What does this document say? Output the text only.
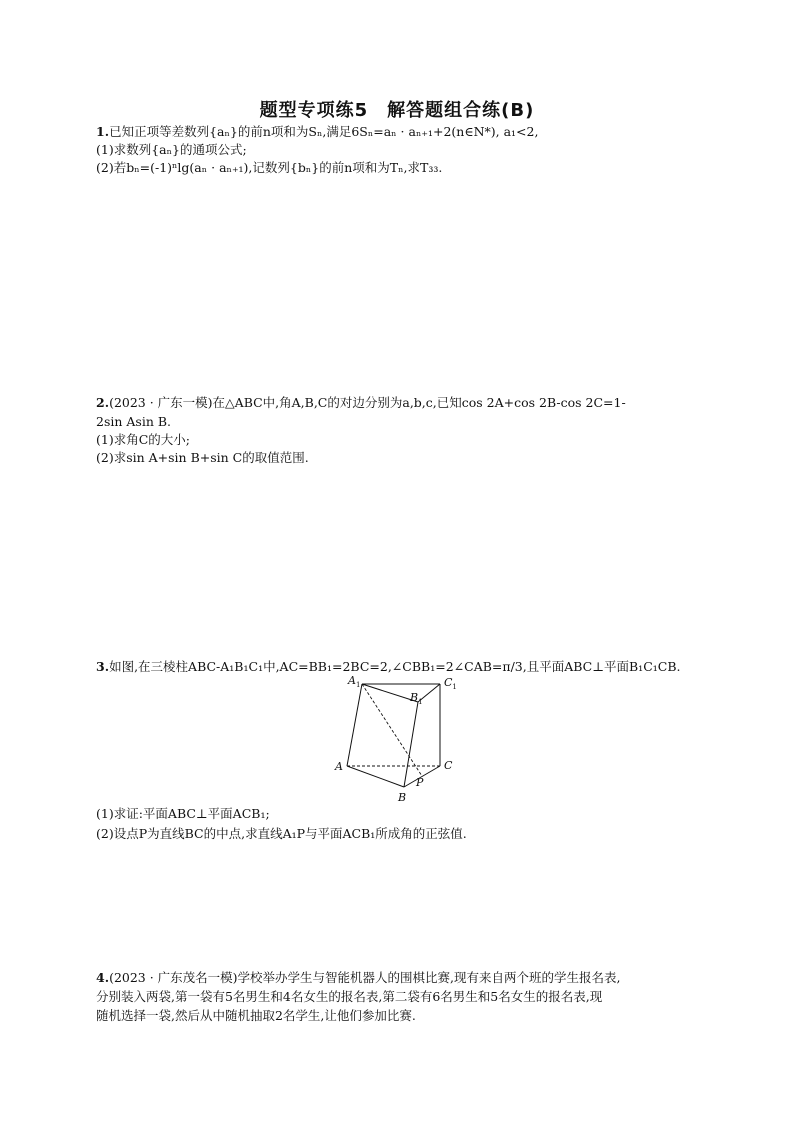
题型专项练5　解答题组合练(B)
1.已知正项等差数列{aₙ}的前n项和为Sₙ,满足6Sₙ=aₙ · aₙ₊₁+2(n∈N*), a₁<2,
(1)求数列{aₙ}的通项公式;
(2)若bₙ=(-1)ⁿlg(aₙ · aₙ₊₁),记数列{bₙ}的前n项和为Tₙ,求T₃₃.
2.(2023 · 广东一模)在△ABC中,角A,B,C的对边分别为a,b,c,已知cos 2A+cos 2B-cos 2C=1-
2sin Asin B.
(1)求角C的大小;
(2)求sin A+sin B+sin C的取值范围.
3.如图,在三棱柱ABC-A₁B₁C₁中,AC=BB₁=2BC=2,∠CBB₁=2∠CAB=π/3,且平面ABC⊥平面B₁C₁CB.
$A_1$
$B_1$
$C_1$
A	C
P
B
(1)求证:平面ABC⊥平面ACB₁;
(2)设点P为直线BC的中点,求直线A₁P与平面ACB₁所成角的正弦值.
4.(2023 · 广东茂名一模)学校举办学生与智能机器人的围棋比赛,现有来自两个班的学生报名表,
分别装入两袋,第一袋有5名男生和4名女生的报名表,第二袋有6名男生和5名女生的报名表,现
随机选择一袋,然后从中随机抽取2名学生,让他们参加比赛.
